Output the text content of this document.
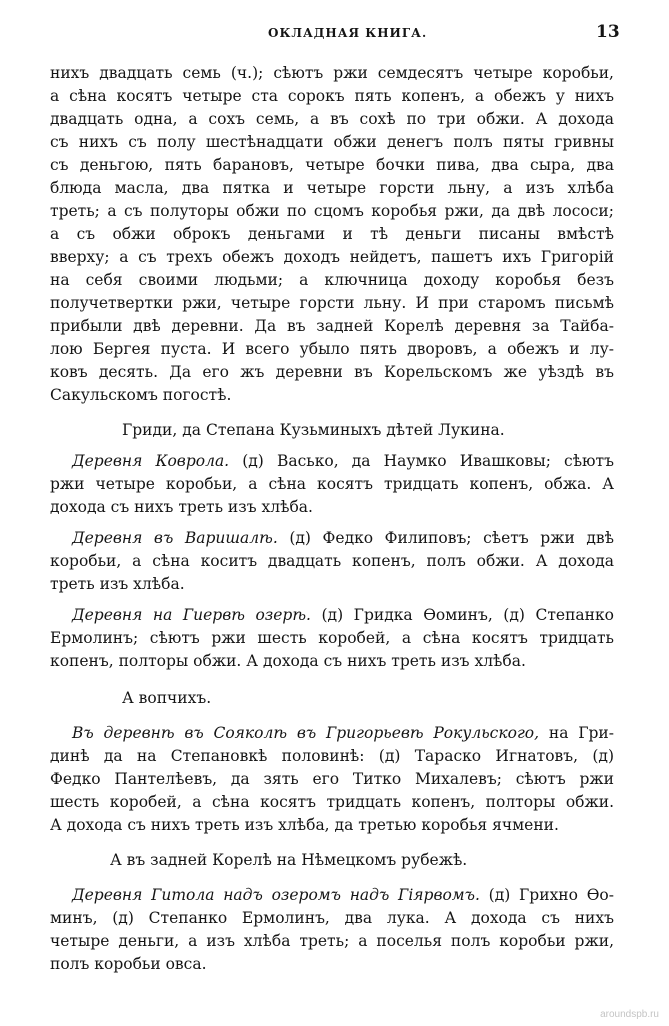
ОКЛАДНАЯ КНИГА.	13
нихъ двадцать семь (ч.); сѣютъ ржи семдесятъ четыре коробьи,
а сѣна косятъ четыре ста сорокъ пять копенъ, а обежъ у нихъ
двадцать одна, а сохъ семь, а въ сохѣ по три обжи. А дохода
съ нихъ съ полу шестѣнадцати обжи денегъ полъ пяты гривны
съ деньгою, пять барановъ, четыре бочки пива, два сыра, два
блюда масла, два пятка и четыре горсти льну, а изъ хлѣба
треть; а съ полуторы обжи по сцомъ коробья ржи, да двѣ лососи;
а съ обжи оброкъ деньгами и тѣ деньги писаны вмѣстѣ
вверху; а съ трехъ обежъ доходъ нейдетъ, пашетъ ихъ Григорій
на себя своими людьми; а ключница доходу коробья безъ
получетвертки ржи, четыре горсти льну. И при старомъ письмѣ
прибыли двѣ деревни. Да въ задней Корелѣ деревня за Тайба-
лою Бергея пуста. И всего убыло пять дворовъ, а обежъ и лу-
ковъ десять. Да его жъ деревни въ Корельскомъ же уѣздѣ въ
Сакульскомъ погостѣ.
Гриди, да Степана Кузьминыхъ дѣтей Лукина.
Деревня Коврола. (д) Васько, да Наумко Ивашковы; сѣютъ
ржи четыре коробьи, а сѣна косятъ тридцать копенъ, обжа. А
дохода съ нихъ треть изъ хлѣба.
Деревня въ Варишалѣ. (д) Федко Филиповъ; сѣетъ ржи двѣ
коробьи, а сѣна коситъ двадцать копенъ, полъ обжи. А дохода
треть изъ хлѣба.
Деревня на Гиервѣ озерѣ. (д) Гридка Ѳоминъ, (д) Степанко
Ермолинъ; сѣютъ ржи шесть коробей, а сѣна косятъ тридцать
копенъ, полторы обжи. А дохода съ нихъ треть изъ хлѣба.
А вопчихъ.
Въ деревнѣ въ Сояколѣ въ Григорьевѣ Рокульского, на Гри-
динѣ да на Степановкѣ половинѣ: (д) Тараско Игнатовъ, (д)
Федко Пантелѣевъ, да зять его Титко Михалевъ; сѣютъ ржи
шесть коробей, а сѣна косятъ тридцать копенъ, полторы обжи.
А дохода съ нихъ треть изъ хлѣба, да третью коробья ячмени.
А въ задней Корелѣ на Нѣмецкомъ рубежѣ.
Деревня Гитола надъ озеромъ надъ Гіярвомъ. (д) Грихно Ѳо-
минъ, (д) Степанко Ермолинъ, два лука. А дохода съ нихъ
четыре деньги, а изъ хлѣба треть; а поселья полъ коробьи ржи,
полъ коробьи овса.
aroundspb.ru
